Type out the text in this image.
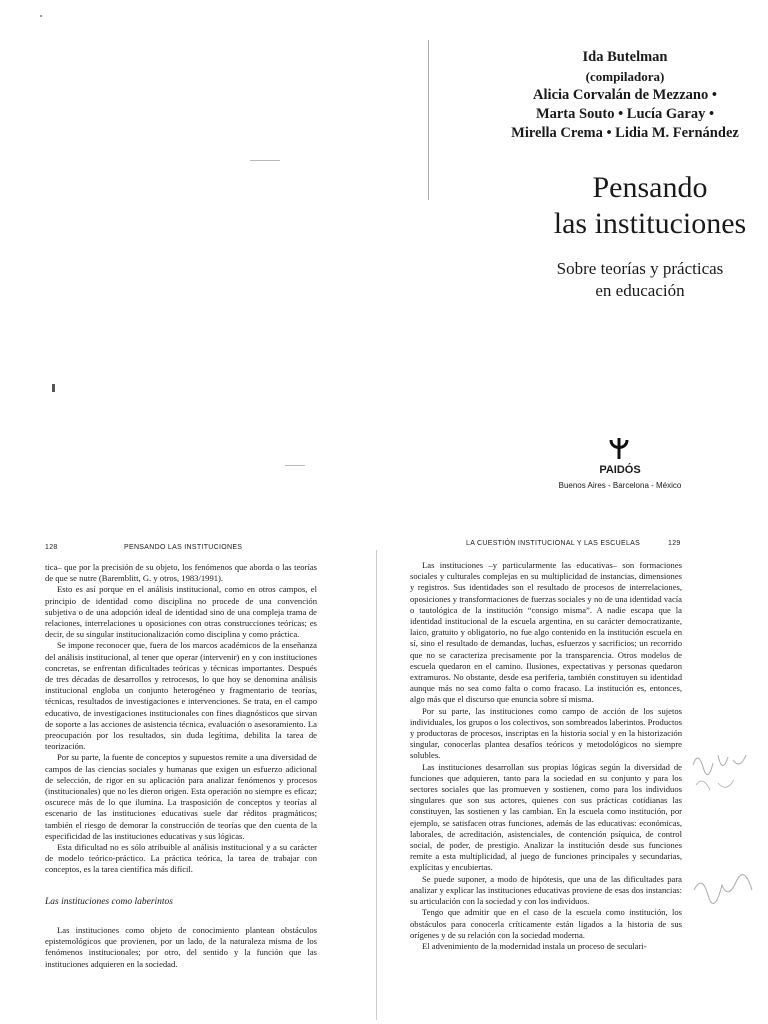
Ida Butelman
(compiladora)
Alicia Corvalán de Mezzano •
Marta Souto • Lucía Garay •
Mirella Crema • Lidia M. Fernández
Pensando
las instituciones
Sobre teorías y prácticas
en educación
PAIDÓS
Buenos Aires - Barcelona - México
128	PENSANDO LAS INSTITUCIONES
LA CUESTIÓN INSTITUCIONAL Y LAS ESCUELAS	129

tica– que por la precisión de su objeto, los fenómenos que aborda o las teorías de que se nutre (Baremblitt, G. y otros, 1983/1991).

Esto es así porque en el análisis institucional, como en otros campos, el principio de identidad como disciplina no procede de una convención subjetiva o de una adopción ideal de identidad sino de una compleja trama de relaciones, interrelaciones u oposiciones con otras construcciones teóricas; es decir, de su singular institucionalización como disciplina y como práctica.

Se impone reconocer que, fuera de los marcos académicos de la enseñanza del análisis institucional, al tener que operar (intervenir) en y con instituciones concretas, se enfrentan dificultades teóricas y técnicas importantes. Después de tres décadas de desarrollos y retrocesos, lo que hoy se denomina análisis institucional engloba un conjunto heterogéneo y fragmentario de teorías, técnicas, resultados de investigaciones e intervenciones. Se trata, en el campo educativo, de investigaciones institucionales con fines diagnósticos que sirvan de soporte a las acciones de asistencia técnica, evaluación o asesoramiento. La preocupación por los resultados, sin duda legítima, debilita la tarea de teorización.

Por su parte, la fuente de conceptos y supuestos remite a una diversidad de campos de las ciencias sociales y humanas que exigen un esfuerzo adicional de selección, de rigor en su aplicación para analizar fenómenos y procesos (institucionales) que no les dieron origen. Esta operación no siempre es eficaz; oscurece más de lo que ilumina. La trasposición de conceptos y teorías al escenario de las instituciones educativas suele dar réditos pragmáticos; también el riesgo de demorar la construcción de teorías que den cuenta de la especificidad de las instituciones educativas y sus lógicas.

Esta dificultad no es sólo atribuible al análisis institucional y a su carácter de modelo teórico-práctico. La práctica teórica, la tarea de trabajar con conceptos, es la tarea científica más difícil.

Las instituciones como laberintos

Las instituciones como objeto de conocimiento plantean obstáculos epistemológicos que provienen, por un lado, de la naturaleza misma de los fenómenos institucionales; por otro, del sentido y la función que las instituciones adquieren en la sociedad.

Las instituciones –y particularmente las educativas– son formaciones sociales y culturales complejas en su multiplicidad de instancias, dimensiones y registros. Sus identidades son el resultado de procesos de interrelaciones, oposiciones y transformaciones de fuerzas sociales y no de una identidad vacía o tautológica de la institución “consigo misma”. A nadie escapa que la identidad institucional de la escuela argentina, en su carácter democratizante, laico, gratuito y obligatorio, no fue algo contenido en la institución escuela en sí, sino el resultado de demandas, luchas, esfuerzos y sacrificios; un recorrido que no se caracteriza precisamente por la transparencia. Otros modelos de escuela quedaron en el camino. Ilusiones, expectativas y personas quedaron extramuros. No obstante, desde esa periferia, también constituyen su identidad aunque más no sea como falta o como fracaso. La institución es, entonces, algo más que el discurso que enuncia sobre sí misma.

Por su parte, las instituciones como campo de acción de los sujetos individuales, los grupos o los colectivos, son sombreados laberintos. Productos y productoras de procesos, inscriptas en la historia social y en la historización singular, conocerlas plantea desafíos teóricos y metodológicos no siempre solubles.

Las instituciones desarrollan sus propias lógicas según la diversidad de funciones que adquieren, tanto para la sociedad en su conjunto y para los sectores sociales que las promueven y sostienen, como para los individuos singulares que son sus actores, quienes con sus prácticas cotidianas las constituyen, las sostienen y las cambian. En la escuela como institución, por ejemplo, se satisfacen otras funciones, además de las educativas: económicas, laborales, de acreditación, asistenciales, de contención psíquica, de control social, de poder, de prestigio. Analizar la institución desde sus funciones remite a esta multiplicidad, al juego de funciones principales y secundarias, explícitas y encubiertas.

Se puede suponer, a modo de hipótesis, que una de las dificultades para analizar y explicar las instituciones educativas proviene de esas dos instancias: su articulación con la sociedad y con los individuos.

Tengo que admitir que en el caso de la escuela como institución, los obstáculos para conocerla críticamente están ligados a la historia de sus orígenes y de su relación con la sociedad moderna.

El advenimiento de la modernidad instala un proceso de seculari-
